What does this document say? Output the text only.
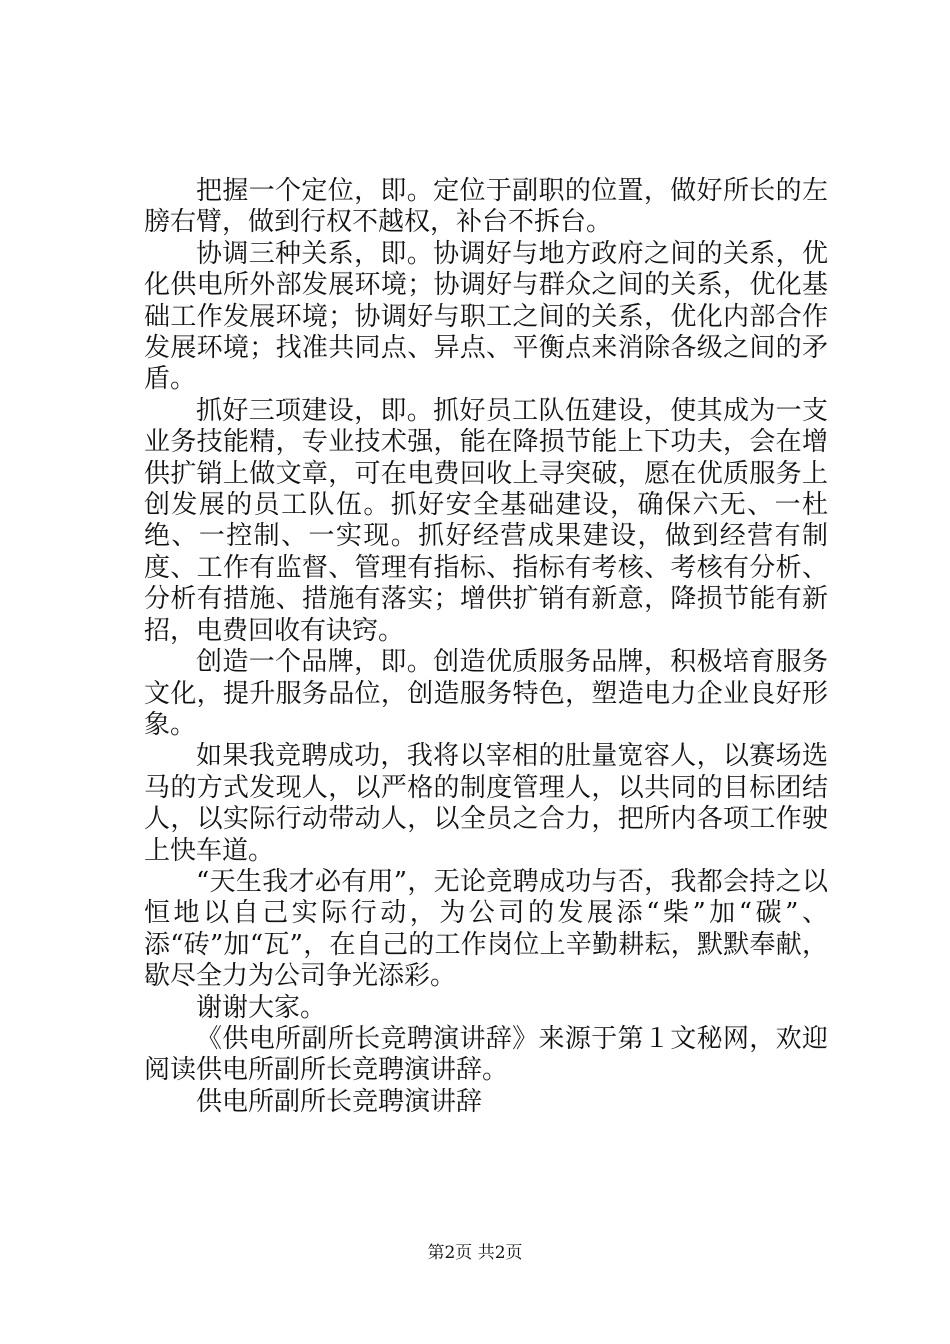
把握一个定位，即。定位于副职的位置，做好所长的左膀右臂，做到行权不越权，补台不拆台。

协调三种关系，即。协调好与地方政府之间的关系，优化供电所外部发展环境；协调好与群众之间的关系，优化基础工作发展环境；协调好与职工之间的关系，优化内部合作发展环境；找准共同点、异点、平衡点来消除各级之间的矛盾。

抓好三项建设，即。抓好员工队伍建设，使其成为一支业务技能精，专业技术强，能在降损节能上下功夫，会在增供扩销上做文章，可在电费回收上寻突破，愿在优质服务上创发展的员工队伍。抓好安全基础建设，确保六无、一杜绝、一控制、一实现。抓好经营成果建设，做到经营有制度、工作有监督、管理有指标、指标有考核、考核有分析、分析有措施、措施有落实；增供扩销有新意，降损节能有新招，电费回收有诀窍。

创造一个品牌，即。创造优质服务品牌，积极培育服务文化，提升服务品位，创造服务特色，塑造电力企业良好形象。

如果我竞聘成功，我将以宰相的肚量宽容人，以赛场选马的方式发现人，以严格的制度管理人，以共同的目标团结人，以实际行动带动人，以全员之合力，把所内各项工作驶上快车道。

“天生我才必有用”，无论竞聘成功与否，我都会持之以恒地以自己实际行动，为公司的发展添“柴”加“碳”、添“砖”加“瓦”，在自己的工作岗位上辛勤耕耘，默默奉献，歇尽全力为公司争光添彩。

谢谢大家。

《供电所副所长竞聘演讲辞》来源于第１文秘网，欢迎阅读供电所副所长竞聘演讲辞。

供电所副所长竞聘演讲辞

第2页 共2页
